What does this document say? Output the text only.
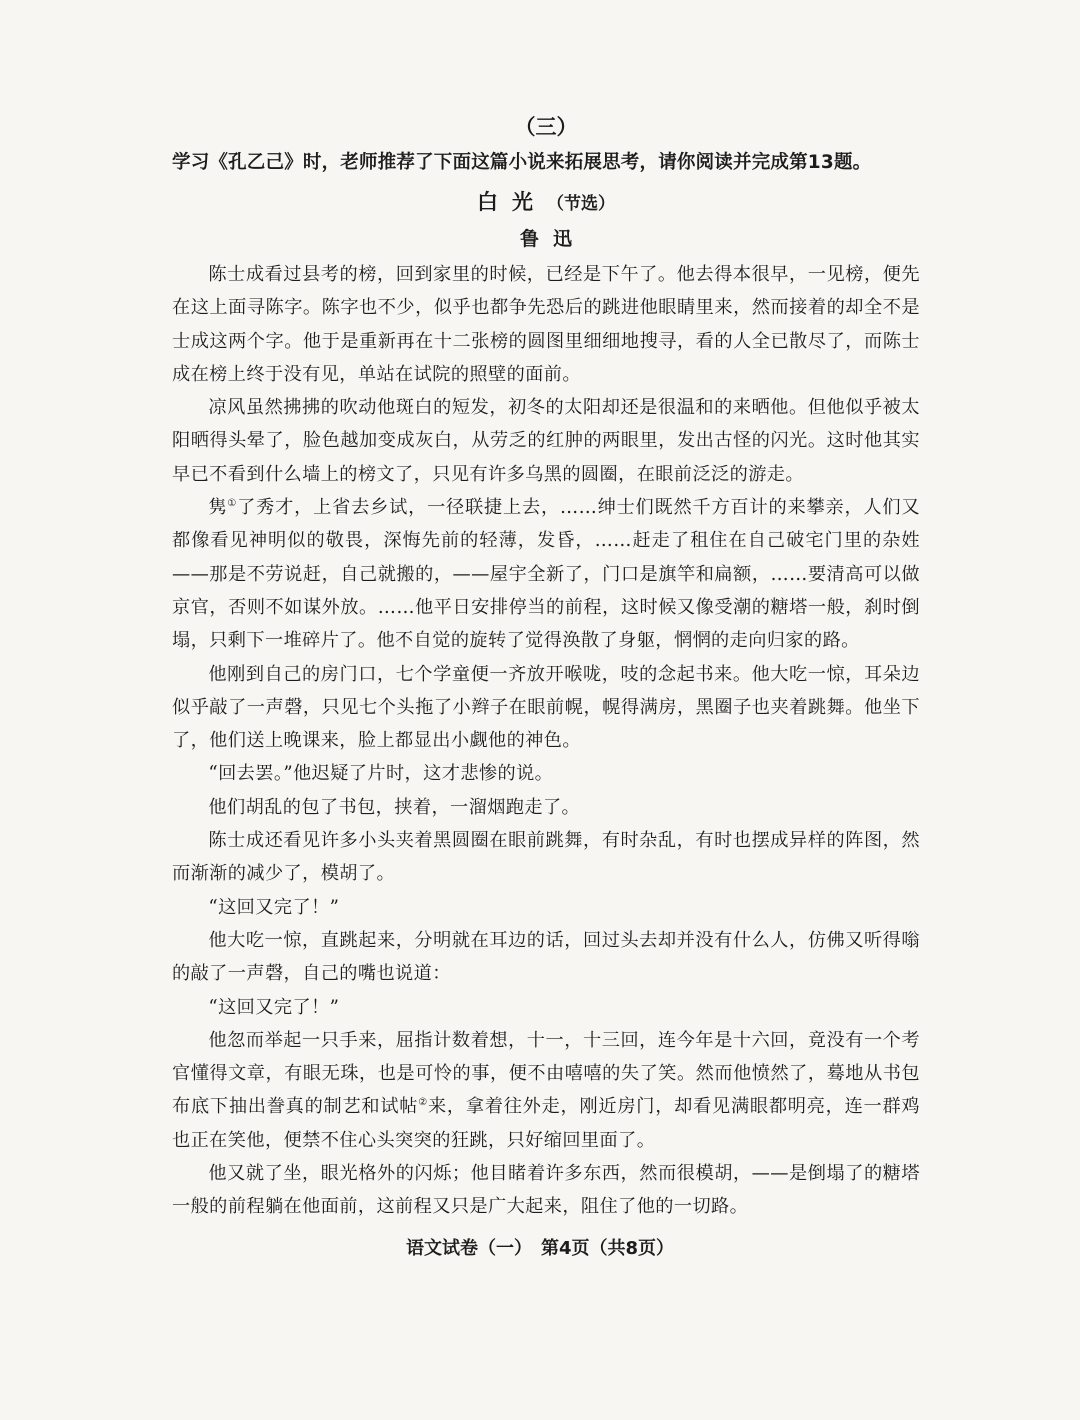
（三）

学习《孔乙己》时，老师推荐了下面这篇小说来拓展思考，请你阅读并完成第13题。

白光（节选）

鲁迅

陈士成看过县考的榜，回到家里的时候，已经是下午了。他去得本很早，一见榜，便先在这上面寻陈字。陈字也不少，似乎也都争先恐后的跳进他眼睛里来，然而接着的却全不是士成这两个字。他于是重新再在十二张榜的圆图里细细地搜寻，看的人全已散尽了，而陈士成在榜上终于没有见，单站在试院的照壁的面前。

凉风虽然拂拂的吹动他斑白的短发，初冬的太阳却还是很温和的来晒他。但他似乎被太阳晒得头晕了，脸色越加变成灰白，从劳乏的红肿的两眼里，发出古怪的闪光。这时他其实早已不看到什么墙上的榜文了，只见有许多乌黑的圆圈，在眼前泛泛的游走。

隽①了秀才，上省去乡试，一径联捷上去，……绅士们既然千方百计的来攀亲，人们又都像看见神明似的敬畏，深悔先前的轻薄，发昏，……赶走了租住在自己破宅门里的杂姓——那是不劳说赶，自己就搬的，——屋宇全新了，门口是旗竿和扁额，……要清高可以做京官，否则不如谋外放。……他平日安排停当的前程，这时候又像受潮的糖塔一般，刹时倒塌，只剩下一堆碎片了。他不自觉的旋转了觉得涣散了身躯，惘惘的走向归家的路。

他刚到自己的房门口，七个学童便一齐放开喉咙，吱的念起书来。他大吃一惊，耳朵边似乎敲了一声磬，只见七个头拖了小辫子在眼前幌，幌得满房，黑圈子也夹着跳舞。他坐下了，他们送上晚课来，脸上都显出小觑他的神色。

“回去罢。”他迟疑了片时，这才悲惨的说。

他们胡乱的包了书包，挟着，一溜烟跑走了。

陈士成还看见许多小头夹着黑圆圈在眼前跳舞，有时杂乱，有时也摆成异样的阵图，然而渐渐的减少了，模胡了。

“这回又完了！”

他大吃一惊，直跳起来，分明就在耳边的话，回过头去却并没有什么人，仿佛又听得嗡的敲了一声磬，自己的嘴也说道：

“这回又完了！”

他忽而举起一只手来，屈指计数着想，十一，十三回，连今年是十六回，竟没有一个考官懂得文章，有眼无珠，也是可怜的事，便不由嘻嘻的失了笑。然而他愤然了，蓦地从书包布底下抽出誊真的制艺和试帖②来，拿着往外走，刚近房门，却看见满眼都明亮，连一群鸡也正在笑他，便禁不住心头突突的狂跳，只好缩回里面了。

他又就了坐，眼光格外的闪烁；他目睹着许多东西，然而很模胡，——是倒塌了的糖塔一般的前程躺在他面前，这前程又只是广大起来，阻住了他的一切路。

语文试卷（一）　第4页（共8页）
